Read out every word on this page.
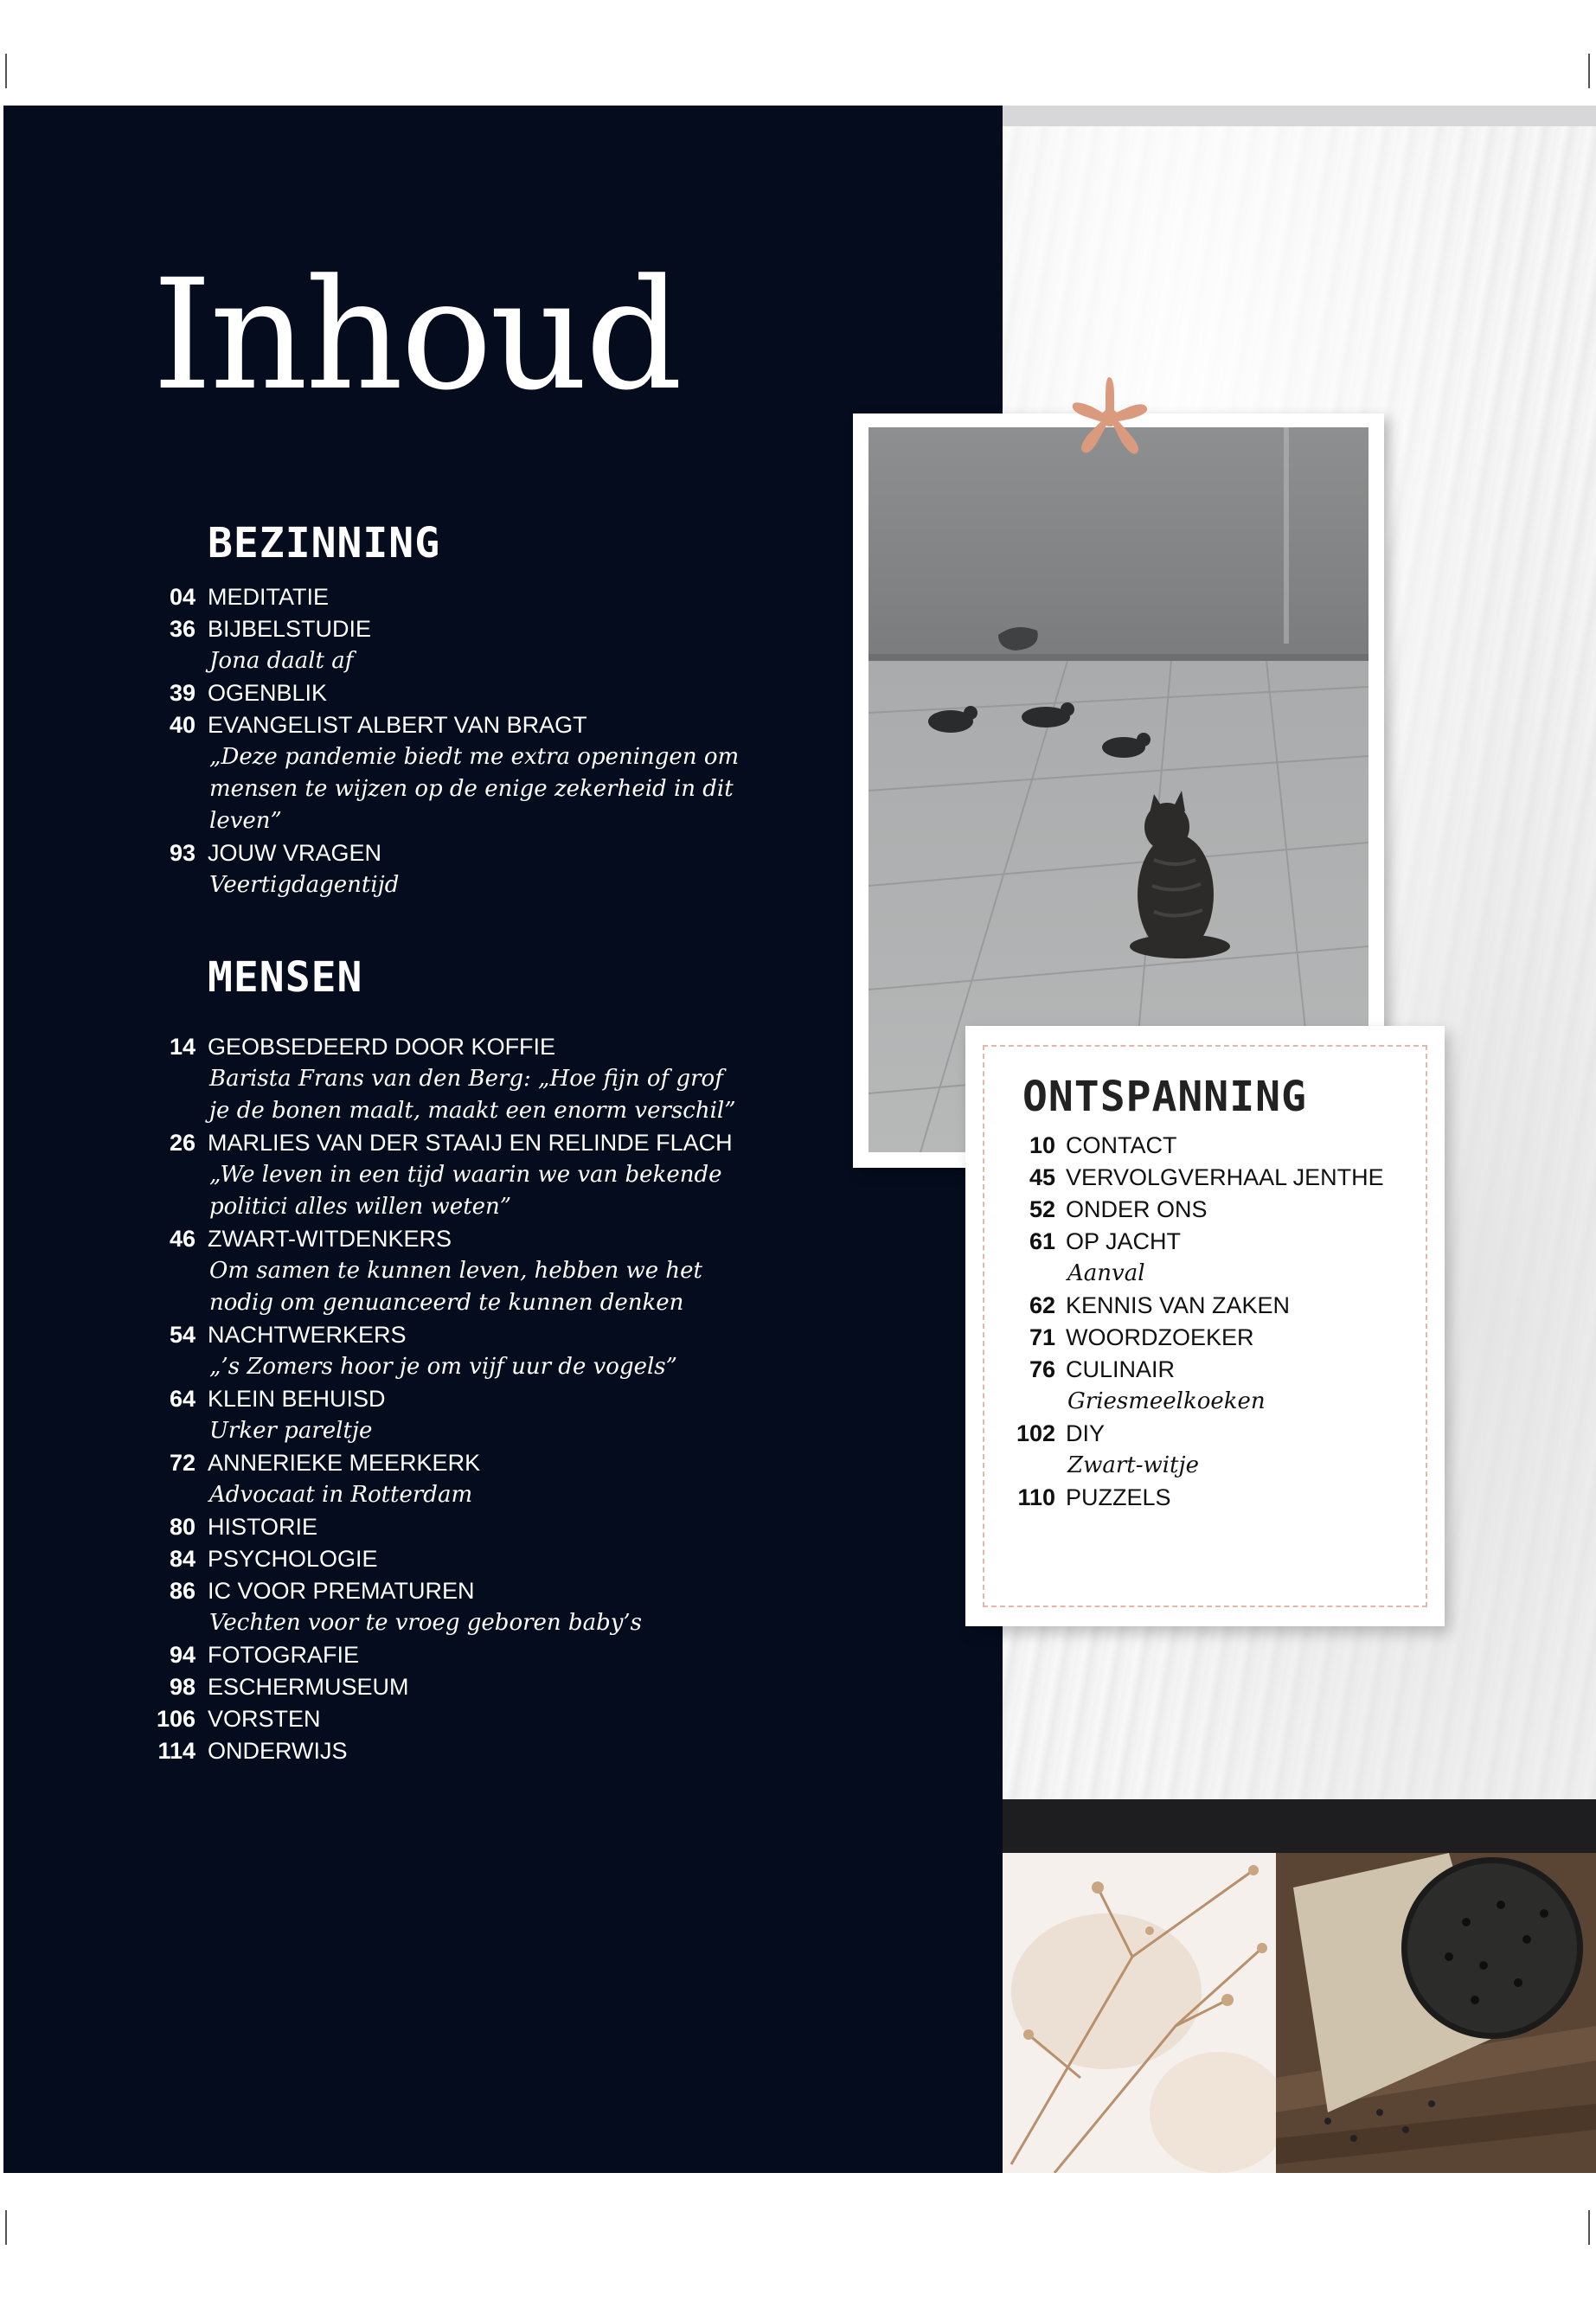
Inhoud
BEZINNING
04 MEDITATIE
36 BIJBELSTUDIE
Jona daalt af
39 OGENBLIK
40 EVANGELIST ALBERT VAN BRAGT
„Deze pandemie biedt me extra openingen om mensen te wijzen op de enige zekerheid in dit leven”
93 JOUW VRAGEN
Veertigdagentijd
MENSEN
14 GEOBSEDEERD DOOR KOFFIE
Barista Frans van den Berg: „Hoe fijn of grof je de bonen maalt, maakt een enorm verschil”
26 MARLIES VAN DER STAAIJ EN RELINDE FLACH
„We leven in een tijd waarin we van bekende politici alles willen weten”
46 ZWART-WITDENKERS
Om samen te kunnen leven, hebben we het nodig om genuanceerd te kunnen denken
54 NACHTWERKERS
„’s Zomers hoor je om vijf uur de vogels”
64 KLEIN BEHUISD
Urker pareltje
72 ANNERIEKE MEERKERK
Advocaat in Rotterdam
80 HISTORIE
84 PSYCHOLOGIE
86 IC VOOR PREMATUREN
Vechten voor te vroeg geboren baby’s
94 FOTOGRAFIE
98 ESCHERMUSEUM
106 VORSTEN
114 ONDERWIJS
ONTSPANNING
10 CONTACT
45 VERVOLGVERHAAL JENTHE
52 ONDER ONS
61 OP JACHT
Aanval
62 KENNIS VAN ZAKEN
71 WOORDZOEKER
76 CULINAIR
Griesmeelkoeken
102 DIY
Zwart-witje
110 PUZZELS
